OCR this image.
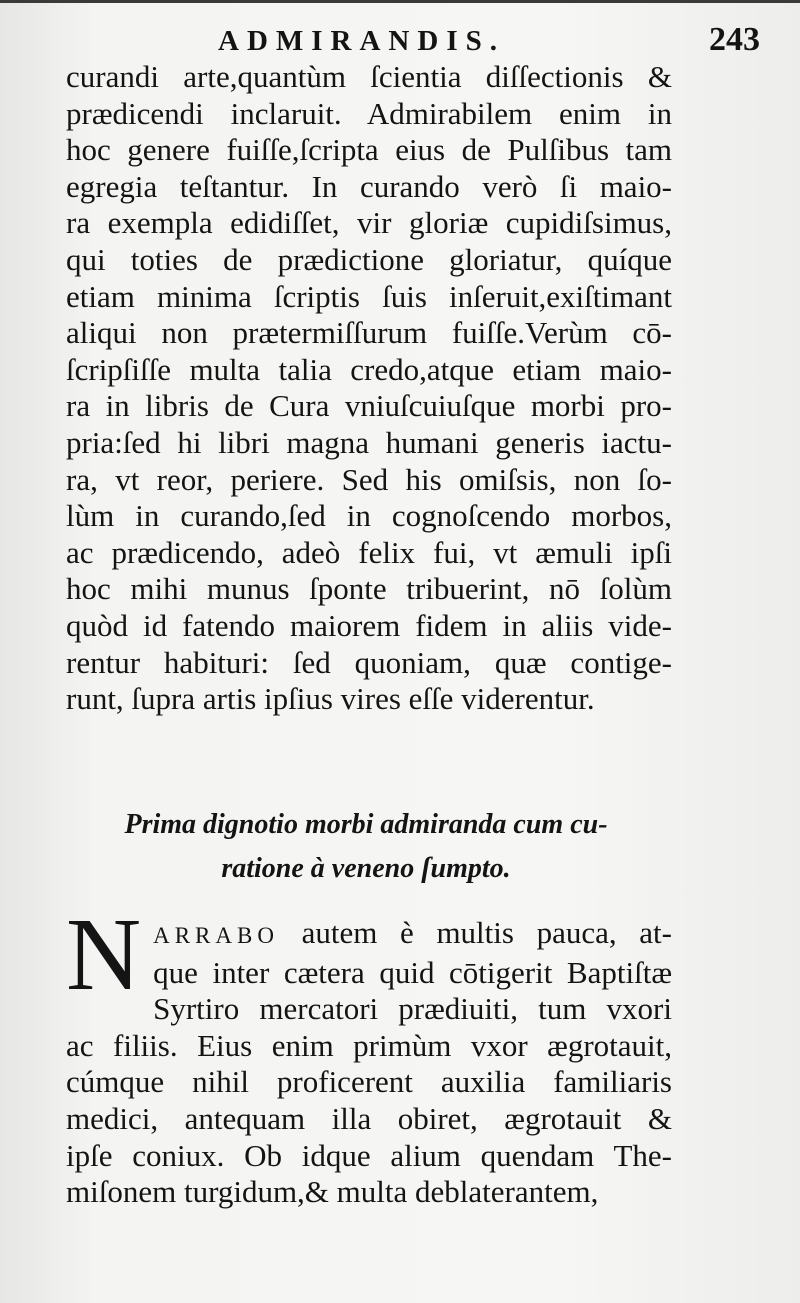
ADMIRANDIS.	243
curandi arte,quantùm ſcientia diſſectionis &
prædicendi inclaruit. Admirabilem enim in
hoc genere fuiſſe,ſcripta eius de Pulſibus tam
egregia teſtantur. In curando verò ſi maio-
ra exempla edidiſſet, vir gloriæ cupidiſsimus,
qui toties de prædictione gloriatur, quíque
etiam minima ſcriptis ſuis inſeruit,exiſtimant
aliqui non prætermiſſurum fuiſſe.Verùm cō-
ſcripſiſſe multa talia credo,atque etiam maio-
ra in libris de Cura vniuſcuiuſque morbi pro-
pria:ſed hi libri magna humani generis iactu-
ra, vt reor, periere. Sed his omiſsis, non ſo-
lùm in curando,ſed in cognoſcendo morbos,
ac prædicendo, adeò felix fui, vt æmuli ipſi
hoc mihi munus ſponte tribuerint, nō ſolùm
quòd id fatendo maiorem fidem in aliis vide-
rentur habituri: ſed quoniam, quæ contige-
runt, ſupra artis ipſius vires eſſe viderentur.
Prima dignotio morbi admiranda cum cu-
ratione à veneno ſumpto.
N ARRABO autem è multis pauca, at-
que inter cætera quid cōtigerit Baptiſtæ
Syrtiro mercatori prædiuiti, tum vxori
ac filiis. Eius enim primùm vxor ægrotauit,
cúmque nihil proficerent auxilia familiaris
medici, antequam illa obiret, ægrotauit &
ipſe coniux. Ob idque alium quendam The-
miſonem turgidum,& multa deblaterantem,
